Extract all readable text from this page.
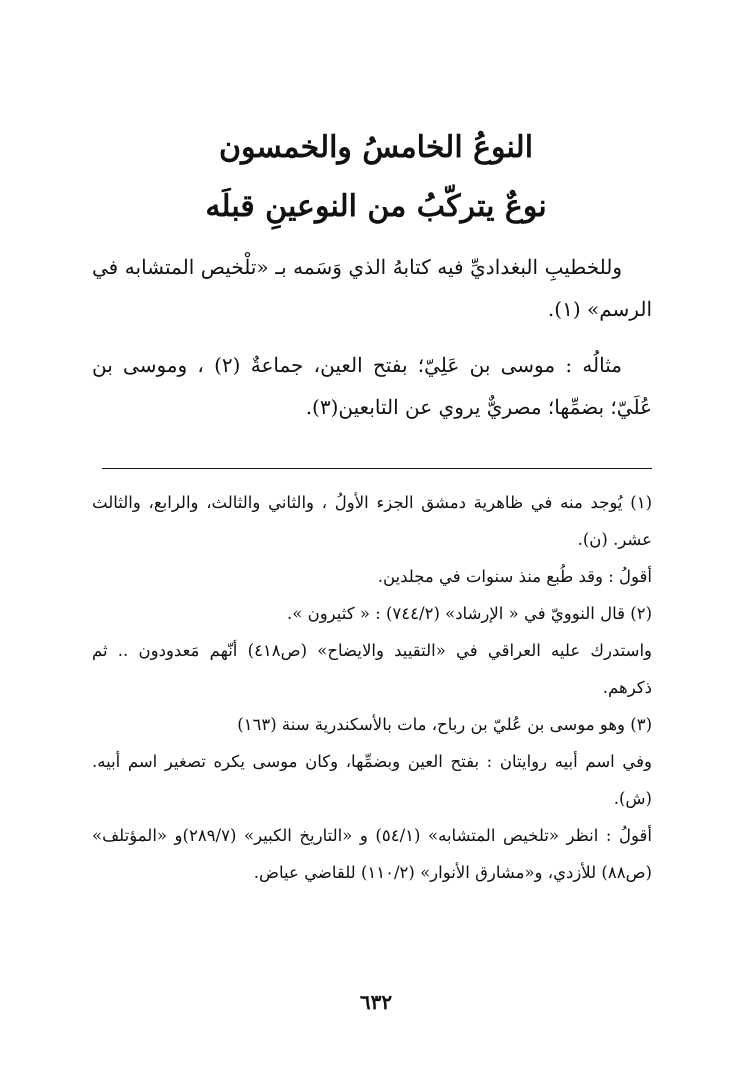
النوعُ الخامسُ والخمسون
نوعٌ يتركّبُ من النوعينِ قبلَه

وللخطيبِ البغداديِّ فيه كتابهُ الذي وَسَمه بـ «تلْخيص المتشابه في الرسم» (١).

مثالُه : موسى بن عَلِيّ؛ بفتح العين، جماعةٌ (٢) ، وموسى بن عُلَيّ؛ بضمِّها؛ مصريٌّ يروي عن التابعين(٣).

(١) يُوجد منه في ظاهرية دمشق الجزء الأولُ ، والثاني والثالث، والرابع، والثالث عشر. (ن).

أقولُ : وقد طُبع منذ سنوات في مجلدين.

(٢) قال النوويّ في « الإرشاد» (٧٤٤/٢) : « كثيرون ».

واستدرك عليه العراقي في «التقييد والايضاح» (ص٤١٨) أنّهم مَعدودون .. ثم ذكرهم.

(٣) وهو موسى بن عُليّ بن رباح، مات بالأسكندرية سنة (١٦٣)

وفي اسم أبيه روايتان : بفتح العين وبضمِّها، وكان موسى يكره تصغير اسم أبيه. (ش).

أقولُ : انظر «تلخيص المتشابه» (٥٤/١) و «التاريخ الكبير» (٢٨٩/٧)و «المؤتلف» (ص٨٨) للأزدي، و«مشارق الأنوار» (١١٠/٢) للقاضي عياض.

٦٣٢
